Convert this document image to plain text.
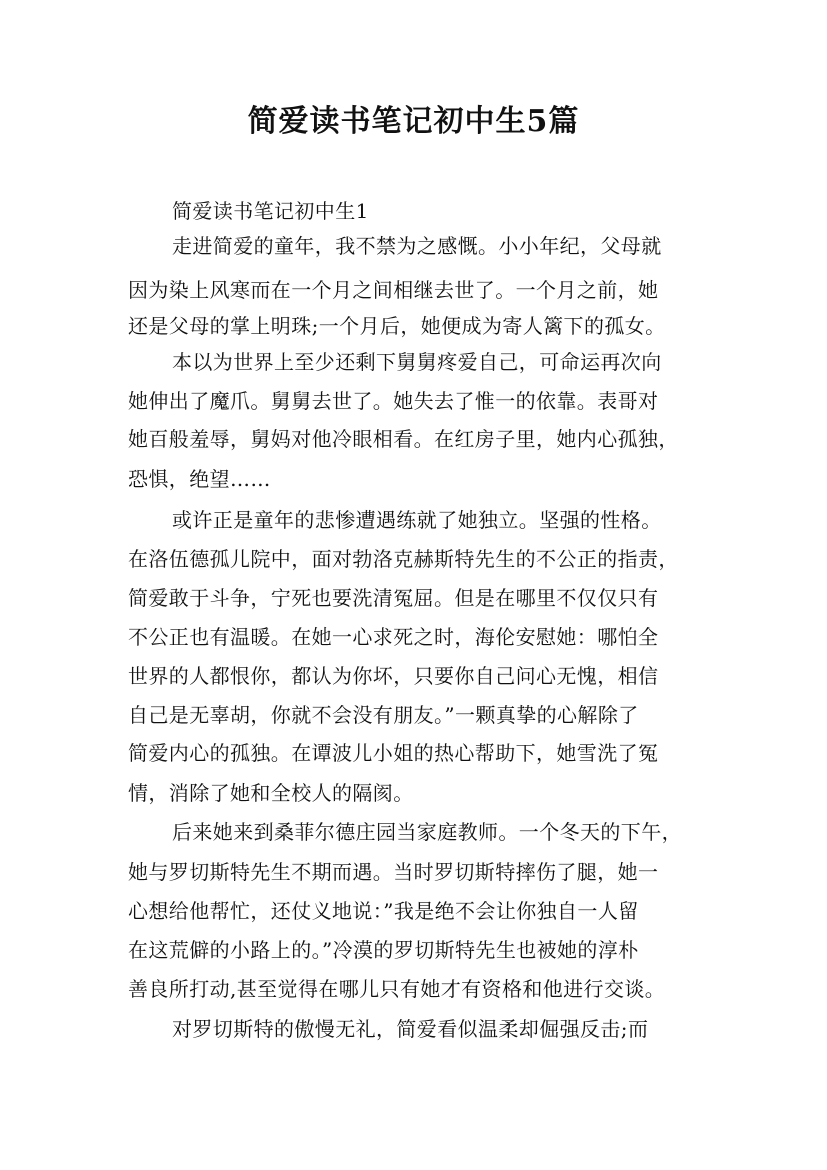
简爱读书笔记初中生5篇
简爱读书笔记初中生1
走进简爱的童年，我不禁为之感慨。小小年纪，父母就
因为染上风寒而在一个月之间相继去世了。一个月之前，她
还是父母的掌上明珠;一个月后，她便成为寄人篱下的孤女。
本以为世界上至少还剩下舅舅疼爱自己，可命运再次向
她伸出了魔爪。舅舅去世了。她失去了惟一的依靠。表哥对
她百般羞辱，舅妈对他冷眼相看。在红房子里，她内心孤独，
恐惧，绝望……
或许正是童年的悲惨遭遇练就了她独立。坚强的性格。
在洛伍德孤儿院中，面对勃洛克赫斯特先生的不公正的指责，
简爱敢于斗争，宁死也要洗清冤屈。但是在哪里不仅仅只有
不公正也有温暖。在她一心求死之时，海伦安慰她：哪怕全
世界的人都恨你，都认为你坏，只要你自己问心无愧，相信
自己是无辜胡，你就不会没有朋友。”一颗真挚的心解除了
简爱内心的孤独。在谭波儿小姐的热心帮助下，她雪洗了冤
情，消除了她和全校人的隔阂。
后来她来到桑菲尔德庄园当家庭教师。一个冬天的下午，
她与罗切斯特先生不期而遇。当时罗切斯特摔伤了腿，她一
心想给他帮忙，还仗义地说：”我是绝不会让你独自一人留
在这荒僻的小路上的。”冷漠的罗切斯特先生也被她的淳朴
善良所打动,甚至觉得在哪儿只有她才有资格和他进行交谈。
对罗切斯特的傲慢无礼，简爱看似温柔却倔强反击;而
